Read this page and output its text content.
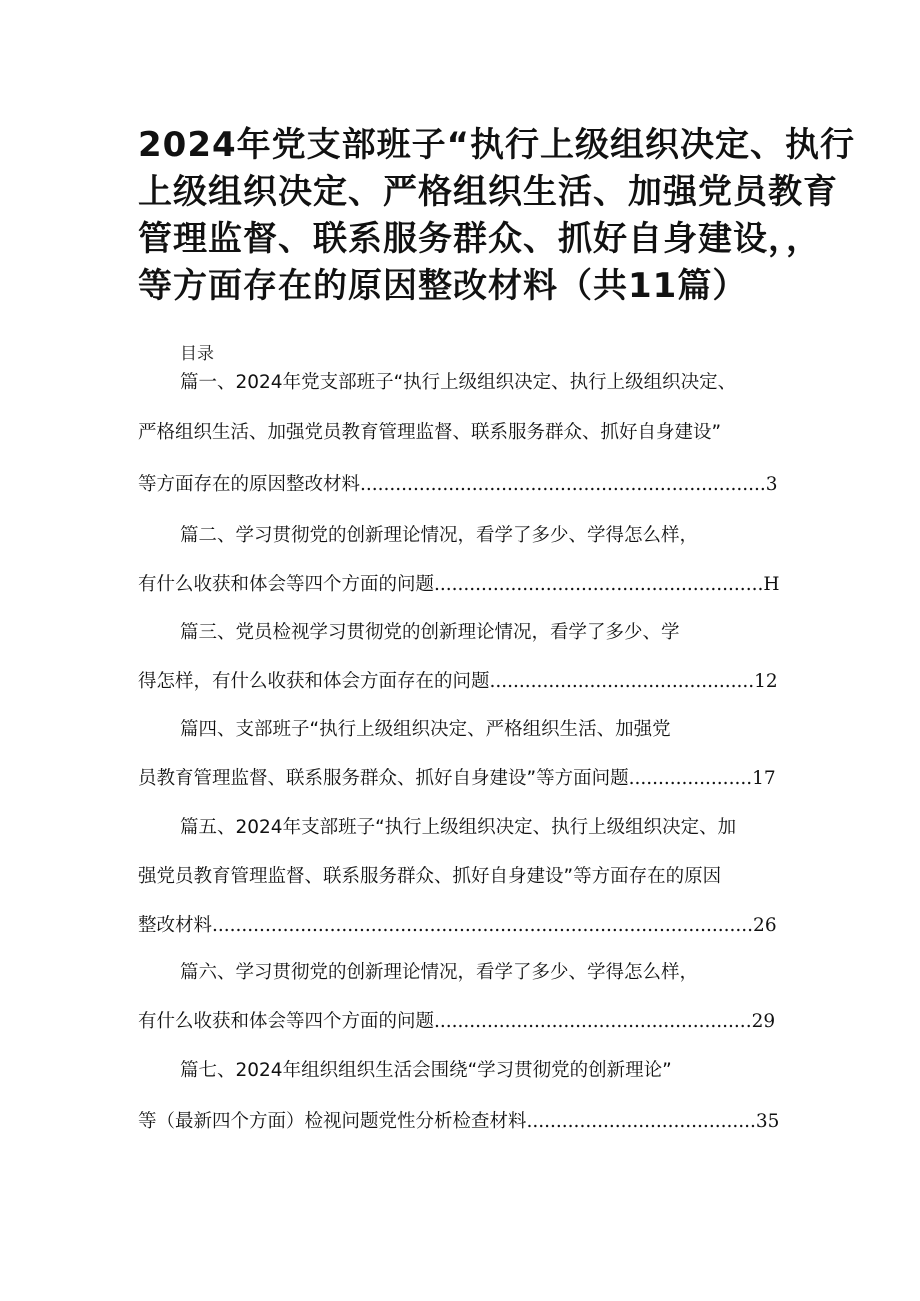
2024年党支部班子“执行上级组织决定、执行
上级组织决定、严格组织生活、加强党员教育
管理监督、联系服务群众、抓好自身建设，，
等方面存在的原因整改材料（共11篇）
目录
篇一、2024年党支部班子“执行上级组织决定、执行上级组织决定、
严格组织生活、加强党员教育管理监督、联系服务群众、抓好自身建设”
等方面存在的原因整改材料.....................................................................3
篇二、学习贯彻党的创新理论情况，看学了多少、学得怎么样，
有什么收获和体会等四个方面的问题........................................................H
篇三、党员检视学习贯彻党的创新理论情况，看学了多少、学
得怎样，有什么收获和体会方面存在的问题.............................................12
篇四、支部班子“执行上级组织决定、严格组织生活、加强党
员教育管理监督、联系服务群众、抓好自身建设”等方面问题.....................17
篇五、2024年支部班子“执行上级组织决定、执行上级组织决定、加
强党员教育管理监督、联系服务群众、抓好自身建设”等方面存在的原因
整改材料............................................................................................26
篇六、学习贯彻党的创新理论情况，看学了多少、学得怎么样，
有什么收获和体会等四个方面的问题......................................................29
篇七、2024年组织组织生活会围绕“学习贯彻党的创新理论”
等（最新四个方面）检视问题党性分析检查材料.......................................35
